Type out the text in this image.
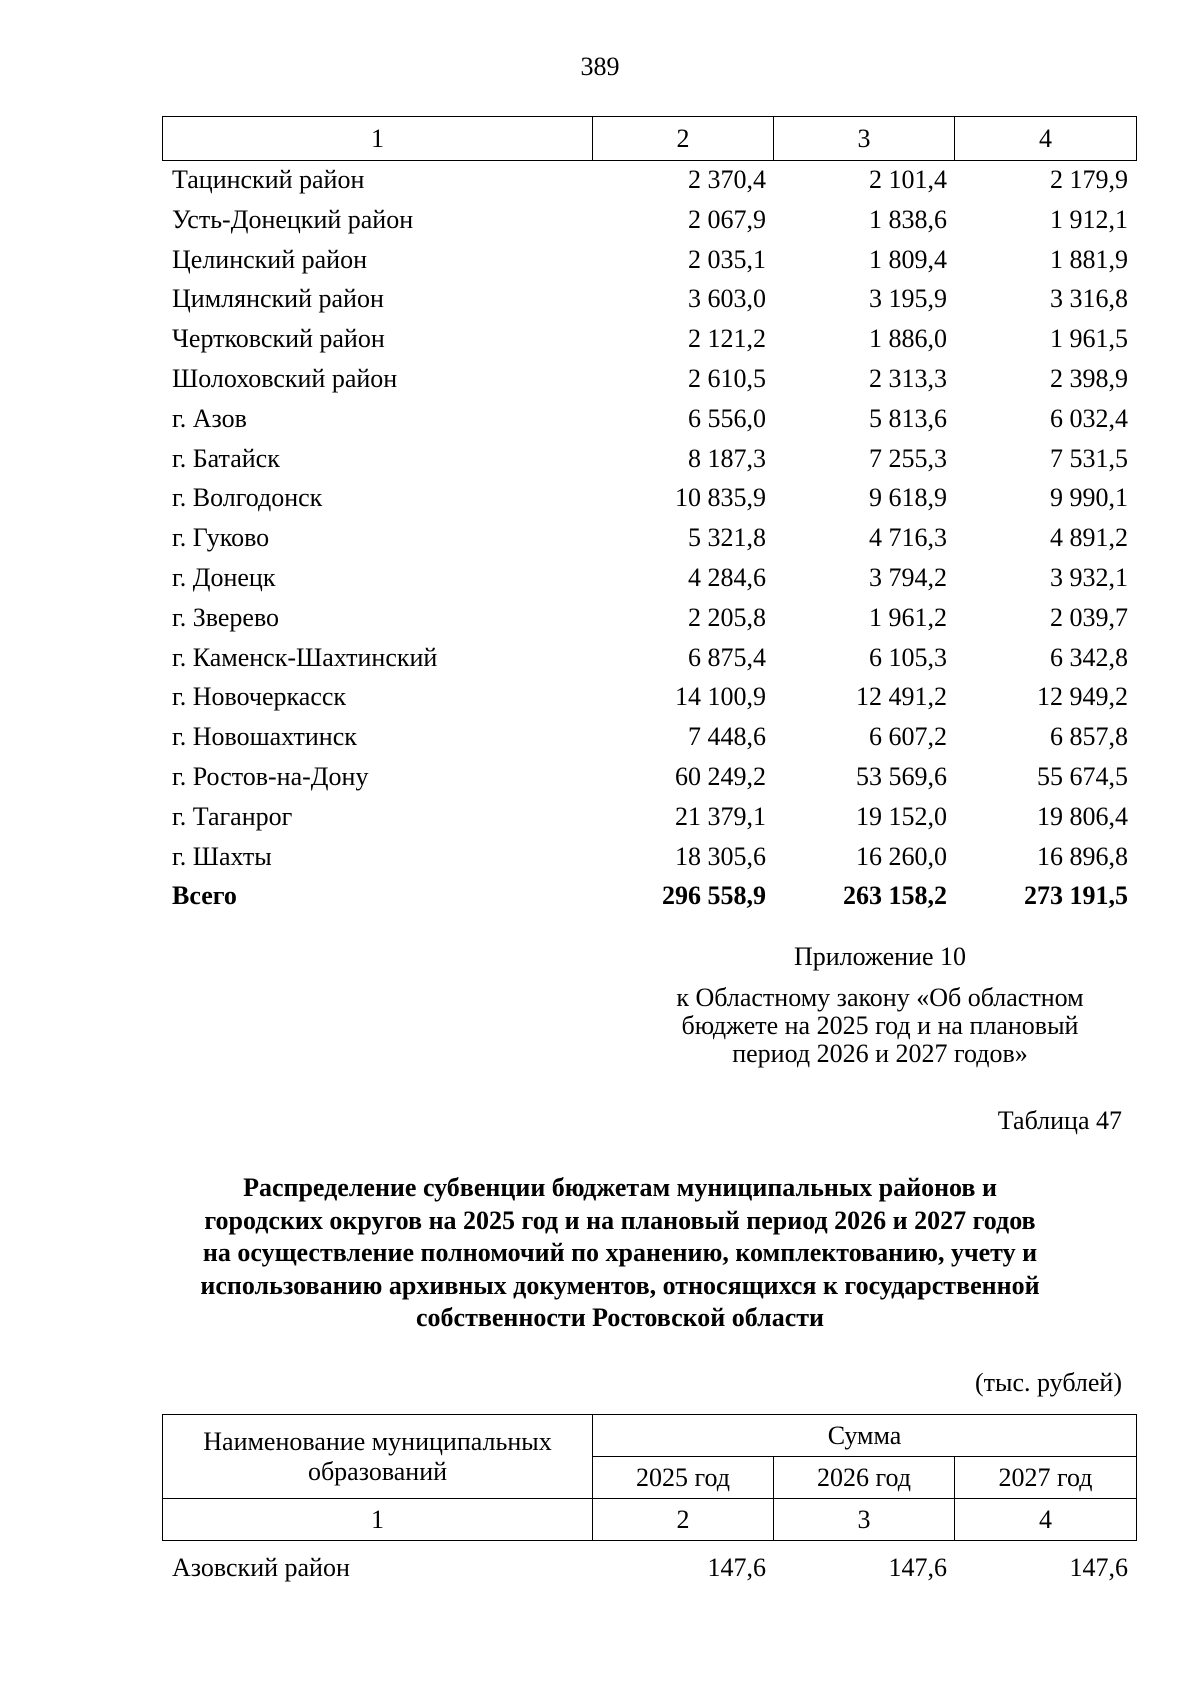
389
1	2	3	4
Тацинский район	2 370,4	2 101,4	2 179,9
Усть-Донецкий район	2 067,9	1 838,6	1 912,1
Целинский район	2 035,1	1 809,4	1 881,9
Цимлянский район	3 603,0	3 195,9	3 316,8
Чертковский район	2 121,2	1 886,0	1 961,5
Шолоховский район	2 610,5	2 313,3	2 398,9
г. Азов	6 556,0	5 813,6	6 032,4
г. Батайск	8 187,3	7 255,3	7 531,5
г. Волгодонск	10 835,9	9 618,9	9 990,1
г. Гуково	5 321,8	4 716,3	4 891,2
г. Донецк	4 284,6	3 794,2	3 932,1
г. Зверево	2 205,8	1 961,2	2 039,7
г. Каменск-Шахтинский	6 875,4	6 105,3	6 342,8
г. Новочеркасск	14 100,9	12 491,2	12 949,2
г. Новошахтинск	7 448,6	6 607,2	6 857,8
г. Ростов-на-Дону	60 249,2	53 569,6	55 674,5
г. Таганрог	21 379,1	19 152,0	19 806,4
г. Шахты	18 305,6	16 260,0	16 896,8
Всего	296 558,9	263 158,2	273 191,5
Приложение 10
к Областному закону «Об областном
бюджете на 2025 год и на плановый
период 2026 и 2027 годов»
Таблица 47
Распределение субвенции бюджетам муниципальных районов и
городских округов на 2025 год и на плановый период 2026 и 2027 годов
на осуществление полномочий по хранению, комплектованию, учету и
использованию архивных документов, относящихся к государственной
собственности Ростовской области
(тыс. рублей)
Наименование муниципальных
образований	Сумма		
	2025 год	2026 год	2027 год
1	2	3	4
Азовский район	147,6	147,6	147,6
